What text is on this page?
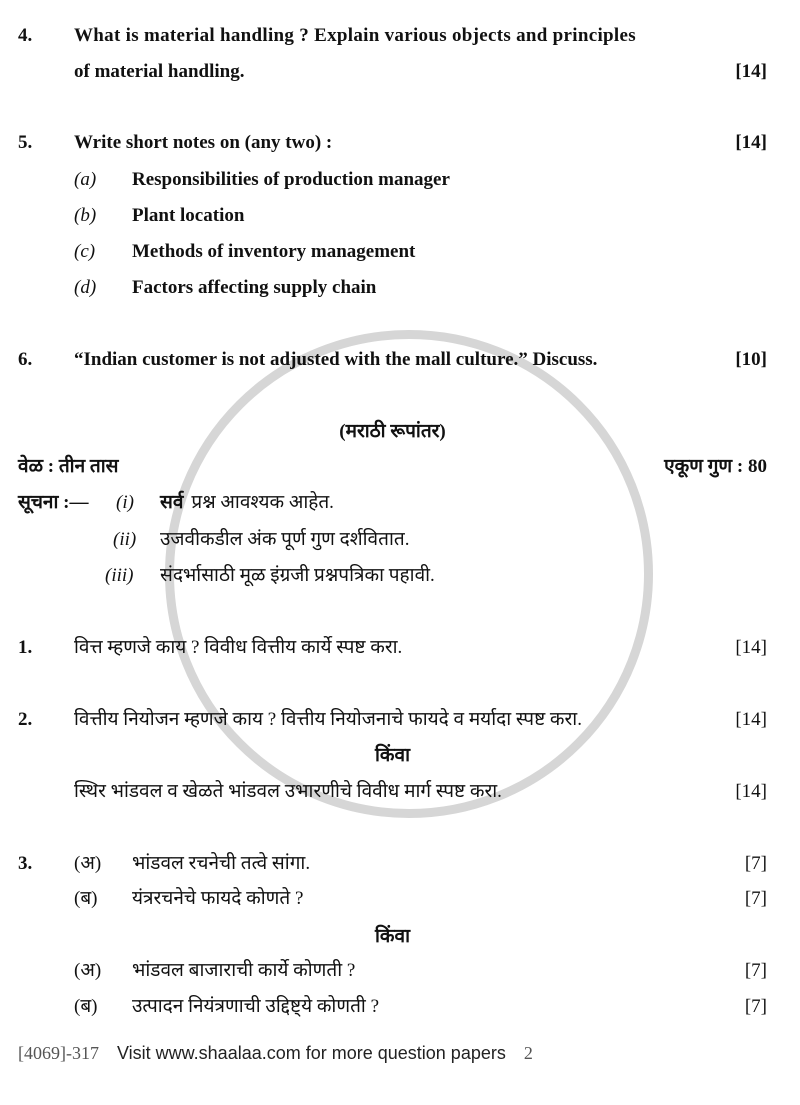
4.	What is material handling ? Explain various objects and principles
of material handling.	[14]
5.	Write short notes on (any two) :	[14]
(a)	Responsibilities of production manager
(b)	Plant location
(c)	Methods of inventory management
(d)	Factors affecting supply chain
6.	“Indian customer is not adjusted with the mall culture.” Discuss.	[10]
(मराठी रूपांतर)
वेळ : तीन तास	एकूण गुण : 80
सूचना :—	(i)	सर्व प्रश्न आवश्यक आहेत.
(ii)	उजवीकडील अंक पूर्ण गुण दर्शवितात.
(iii)	संदर्भासाठी मूळ इंग्रजी प्रश्नपत्रिका पहावी.
1.	वित्त म्हणजे काय ? विवीध वित्तीय कार्ये स्पष्ट करा.	[14]
2.	वित्तीय नियोजन म्हणजे काय ? वित्तीय नियोजनाचे फायदे व मर्यादा स्पष्ट करा.	[14]
किंवा
स्थिर भांडवल व खेळते भांडवल उभारणीचे विवीध मार्ग स्पष्ट करा.	[14]
3.	(अ)	भांडवल रचनेची तत्वे सांगा.	[7]
(ब)	यंत्ररचनेचे फायदे कोणते ?	[7]
किंवा
(अ)	भांडवल बाजाराची कार्ये कोणती ?	[7]
(ब)	उत्पादन नियंत्रणाची उद्दिष्ट्ये कोणती ?	[7]
[4069]-317 Visit www.shaalaa.com for more question papers 2
